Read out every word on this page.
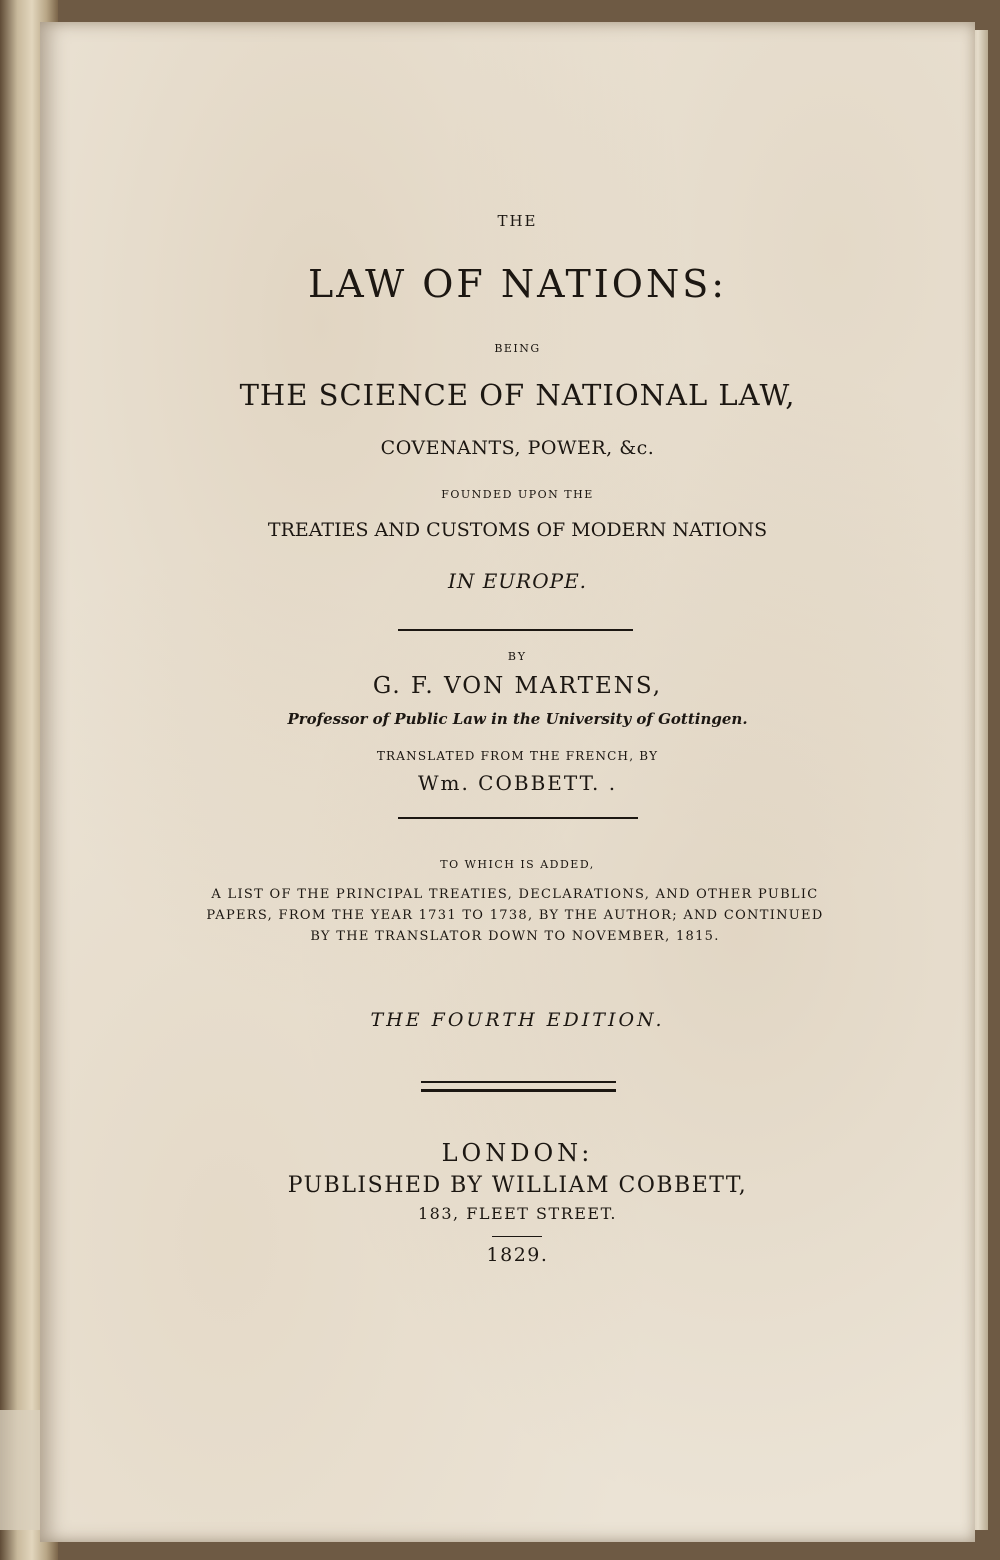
THE
LAW OF NATIONS:
BEING
THE SCIENCE OF NATIONAL LAW,
COVENANTS, POWER, &c.
FOUNDED UPON THE
TREATIES AND CUSTOMS OF MODERN NATIONS
IN EUROPE.
BY
G. F. VON MARTENS,
Professor of Public Law in the University of Gottingen.
TRANSLATED FROM THE FRENCH, BY
Wm. COBBETT. .
TO WHICH IS ADDED,
A LIST OF THE PRINCIPAL TREATIES, DECLARATIONS, AND OTHER PUBLIC PAPERS, FROM THE YEAR 1731 TO 1738, BY THE AUTHOR; AND CONTINUED BY THE TRANSLATOR DOWN TO NOVEMBER, 1815.
THE FOURTH EDITION.
LONDON:
PUBLISHED BY WILLIAM COBBETT,
183, FLEET STREET.
1829.
